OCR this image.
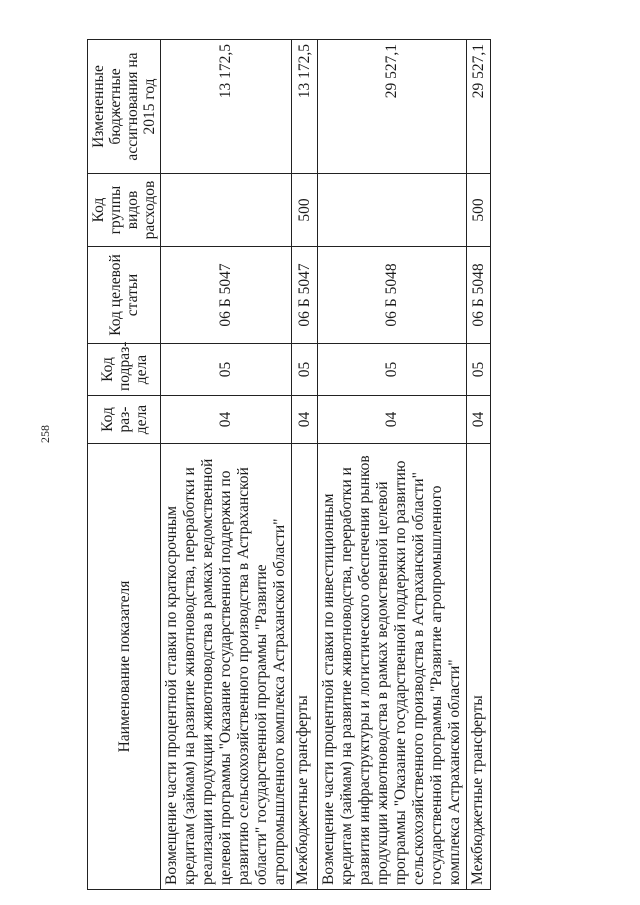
258
Наименование показателя	Код раз-дела	Код подраз-дела	Код целевой статьи	Код группы видов расходов	Измененные бюджетные ассигнования на 2015 год
Возмещение части процентной ставки по краткосрочным кредитам (займам) на развитие животноводства, переработки и реализации продукции животноводства в рамках ведомственной целевой программы "Оказание государственной поддержки по развитию сельскохозяйственного производства в Астраханской области" государственной программы "Развитие агропромышленного комплекса Астраханской области"	04	05	06 Б 5047		13 172,5
Межбюджетные трансферты	04	05	06 Б 5047	500	13 172,5
Возмещение части процентной ставки по инвестиционным кредитам (займам) на развитие животноводства, переработки и развития инфраструктуры и логистического обеспечения рынков продукции животноводства в рамках ведомственной целевой программы "Оказание государственной поддержки по развитию сельскохозяйственного производства в Астраханской области" государственной программы "Развитие агропромышленного комплекса Астраханской области"	04	05	06 Б 5048		29 527,1
Межбюджетные трансферты	04	05	06 Б 5048	500	29 527,1
